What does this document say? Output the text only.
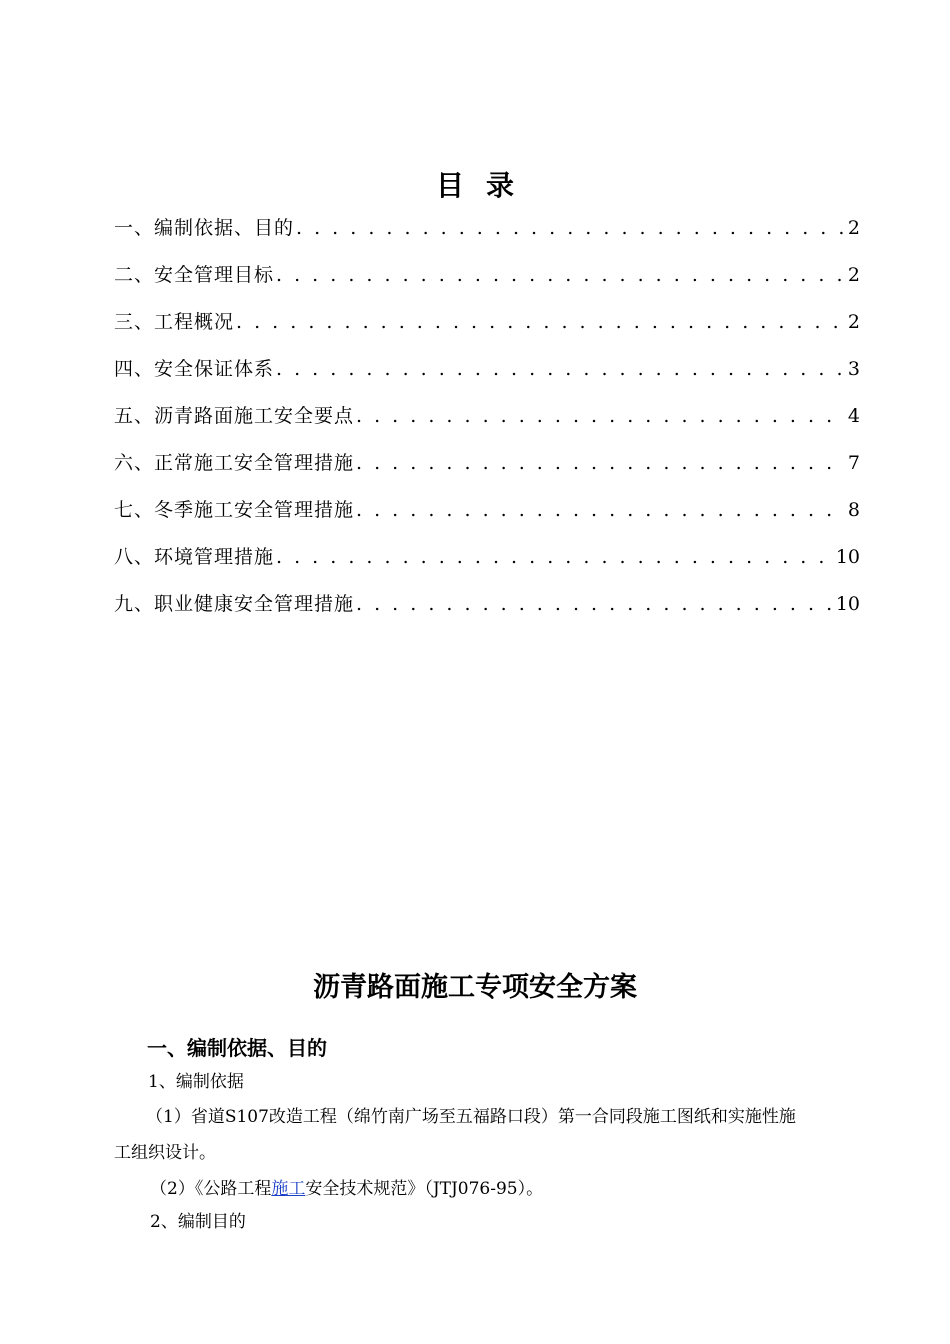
目录
一、编制依据、目的 . . .	2
二、安全管理目标 . . .	2
三、工程概况 . . .	2
四、安全保证体系 . . .	3
五、沥青路面施工安全要点 . . .	4
六、正常施工安全管理措施 . . .	7
七、冬季施工安全管理措施 . . .	8
八、环境管理措施 . . .	10
九、职业健康安全管理措施 . . .	10
沥青路面施工专项安全方案
一、编制依据、目的
1、编制依据
（1）省道S107改造工程（绵竹南广场至五福路口段）第一合同段施工图纸和实施性施
工组织设计。
（2）《公路工程施工安全技术规范》（JTJ076-95）。
2、编制目的
